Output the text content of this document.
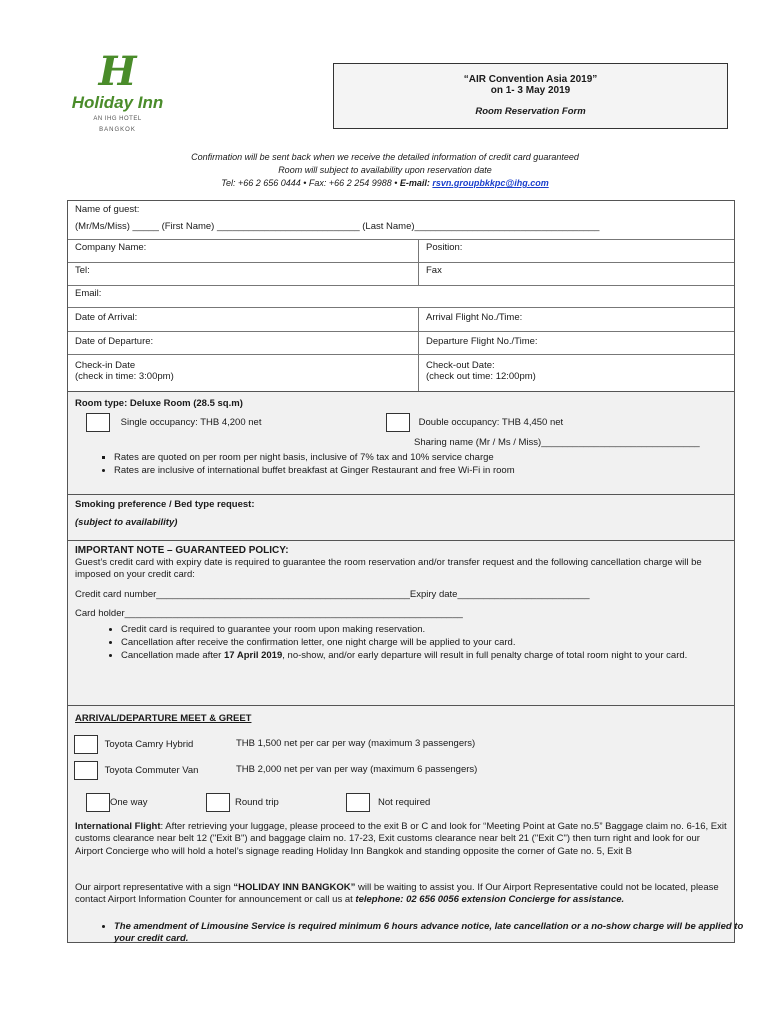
H
Holiday Inn
AN IHG HOTEL
BANGKOK
“AIR Convention Asia 2019”
on 1- 3 May 2019
Room Reservation Form
Confirmation will be sent back when we receive the detailed information of credit card guaranteed
Room will subject to availability upon reservation date
Tel: +66 2 656 0444 • Fax: +66 2 254 9988 • E-mail: rsvn.groupbkkpc@ihg.com
Name of guest:
(Mr/Ms/Miss) _____ (First Name) ___________________________ (Last Name)___________________________________
Company Name:	Position:
Tel:	Fax
Email:
Date of Arrival:	Arrival Flight No./Time:
Date of Departure:	Departure Flight No./Time:
Check-in Date
(check in time: 3:00pm)
Check-out Date:
(check out time: 12:00pm)
Room type: Deluxe Room (28.5 sq.m)
Single occupancy: THB 4,200 net	Double occupancy: THB 4,450 net
Sharing name (Mr / Ms / Miss)______________________________
▪ Rates are quoted on per room per night basis, inclusive of 7% tax and 10% service charge
• Rates are inclusive of international buffet breakfast at Ginger Restaurant and free Wi-Fi in room
Smoking preference / Bed type request:
(subject to availability)
IMPORTANT NOTE – GUARANTEED POLICY:
Guest’s credit card with expiry date is required to guarantee the room reservation and/or transfer request and the following cancellation charge will be imposed on your credit card:
Credit card number________________________________________________Expiry date_________________________
Card holder________________________________________________________________
• Credit card is required to guarantee your room upon making reservation.
• Cancellation after receive the confirmation letter, one night charge will be applied to your card.
• Cancellation made after 17 April 2019, no-show, and/or early departure will result in full penalty charge of total room night to your card.
ARRIVAL/DEPARTURE MEET & GREET
Toyota Camry Hybrid	THB 1,500 net per car per way (maximum 3 passengers)
Toyota Commuter Van	THB 2,000 net per van per way (maximum 6 passengers)
One way	Round trip	Not required
International Flight: After retrieving your luggage, please proceed to the exit B or C and look for “Meeting Point at Gate no.5” Baggage claim no. 6-16, Exit customs clearance near belt 12 ("Exit B") and baggage claim no. 17-23, Exit customs clearance near belt 21 ("Exit C") then turn right and look for our Airport Concierge who will hold a hotel’s signage reading Holiday Inn Bangkok and standing opposite the corner of Gate no. 5, Exit B
Our airport representative with a sign “HOLIDAY INN BANGKOK” will be waiting to assist you. If Our Airport Representative could not be located, please contact Airport Information Counter for announcement or call us at telephone: 02 656 0056 extension Concierge for assistance.
• The amendment of Limousine Service is required minimum 6 hours advance notice, late cancellation or a no-show charge will be applied to your credit card.
